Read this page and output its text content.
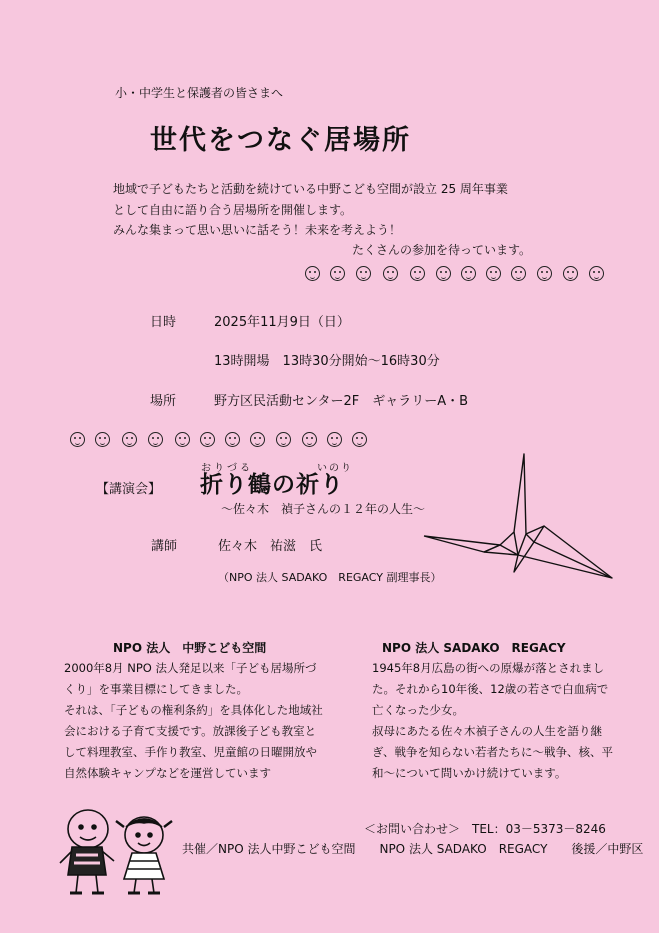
小・中学生と保護者の皆さまへ
世代をつなぐ居場所
地域で子どもたちと活動を続けている中野こども空間が設立 25 周年事業
として自由に語り合う居場所を開催します。
みんな集まって思い思いに話そう！未来を考えよう！
たくさんの参加を待っています。
日時	2025年11月9日（日）
13時開場　13時30分開始～16時30分
場所	野方区民活動センター2F　ギャラリーA・B
【講演会】
おりづる	いのり
折り鶴の祈り
～佐々木　禎子さんの１２年の人生～
講師	佐々木　祐滋　氏
（NPO 法人 SADAKO　REGACY 副理事長）
NPO 法人　中野こども空間
2000年8月 NPO 法人発足以来「子ども居場所づ
くり」を事業目標にしてきました。
それは、「子どもの権利条約」を具体化した地域社
会における子育て支援です。放課後子ども教室と
して料理教室、手作り教室、児童館の日曜開放や
自然体験キャンプなどを運営しています
NPO 法人 SADAKO　REGACY
1945年8月広島の街への原爆が落とされまし
た。それから10年後、12歳の若さで白血病で
亡くなった少女。
叔母にあたる佐々木禎子さんの人生を語り継
ぎ、戦争を知らない若者たちに～戦争、核、平
和～について問いかけ続けています。
＜お問い合わせ＞　TEL：03－5373－8246
共催／NPO 法人中野こども空間　　NPO 法人 SADAKO　REGACY　　後援／中野区
